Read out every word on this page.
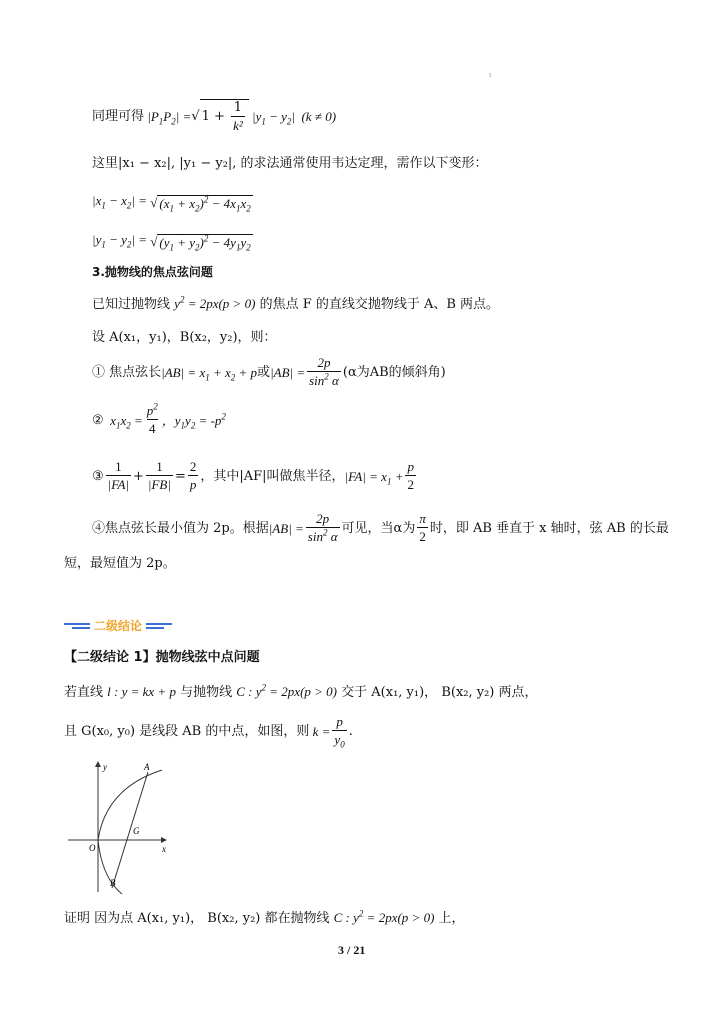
ı
同理可得 $|P_1P_2|$ = √ $1 + \frac{1}{\text{k²}} |y_1 - y_2|$ (k ≠ 0)
这里|x₁ − x₂|, |y₁ − y₂|, 的求法通常使用韦达定理，需作以下变形：
$|x_1 - x_2|$ = √ $(x_1 + x_2)^2 - 4x_1x_2$
$|y_1 - y_2|$ = √ $(y_1 + y_2)^2 - 4y_1y_2$
3.抛物线的焦点弦问题
已知过抛物线 $y^2 = 2px(p > 0)$ 的焦点 F 的直线交抛物线于 A、B 两点。
设 A(x₁，y₁)，B(x₂，y₂)，则：
① 焦点弦长 $|AB| = x_1 + x_2 + p$ 或 $|AB| = \frac{2p}{\sin^2 \alpha} (\alpha$为AB的倾斜角)
② $x_1x_2 = \frac{p^2}{4}$ ，$y_1y_2 = -p^2$
③ $\frac{1}{|FA|} + \frac{1}{|FB|} = \frac{2}{p}$ ，其中|AF|叫做焦半径， $|FA| = x_1 + \frac{p}{2}$
④焦点弦长最小值为 2p。根据 $|AB| = \frac{2p}{\sin^2 \alpha}$ 可见，当α为 $\frac{\pi}{2}$ 时，即 AB 垂直于 x 轴时，弦 AB 的长最
短，最短值为 2p。
二级结论
【二级结论 1】抛物线弦中点问题
若直线 l : y = kx + p 与抛物线 C : $y^2 = 2px(p > 0)$ 交于 A(x₁, y₁)， B(x₂, y₂) 两点，
且 G(x₀, y₀) 是线段 AB 的中点，如图，则 $k = \frac{p}{y_0}$ .
y
x
O
A
G
B
证明 因为点 A(x₁, y₁)， B(x₂, y₂) 都在抛物线 C : $y^2 = 2px(p > 0)$ 上，
3 / 21
